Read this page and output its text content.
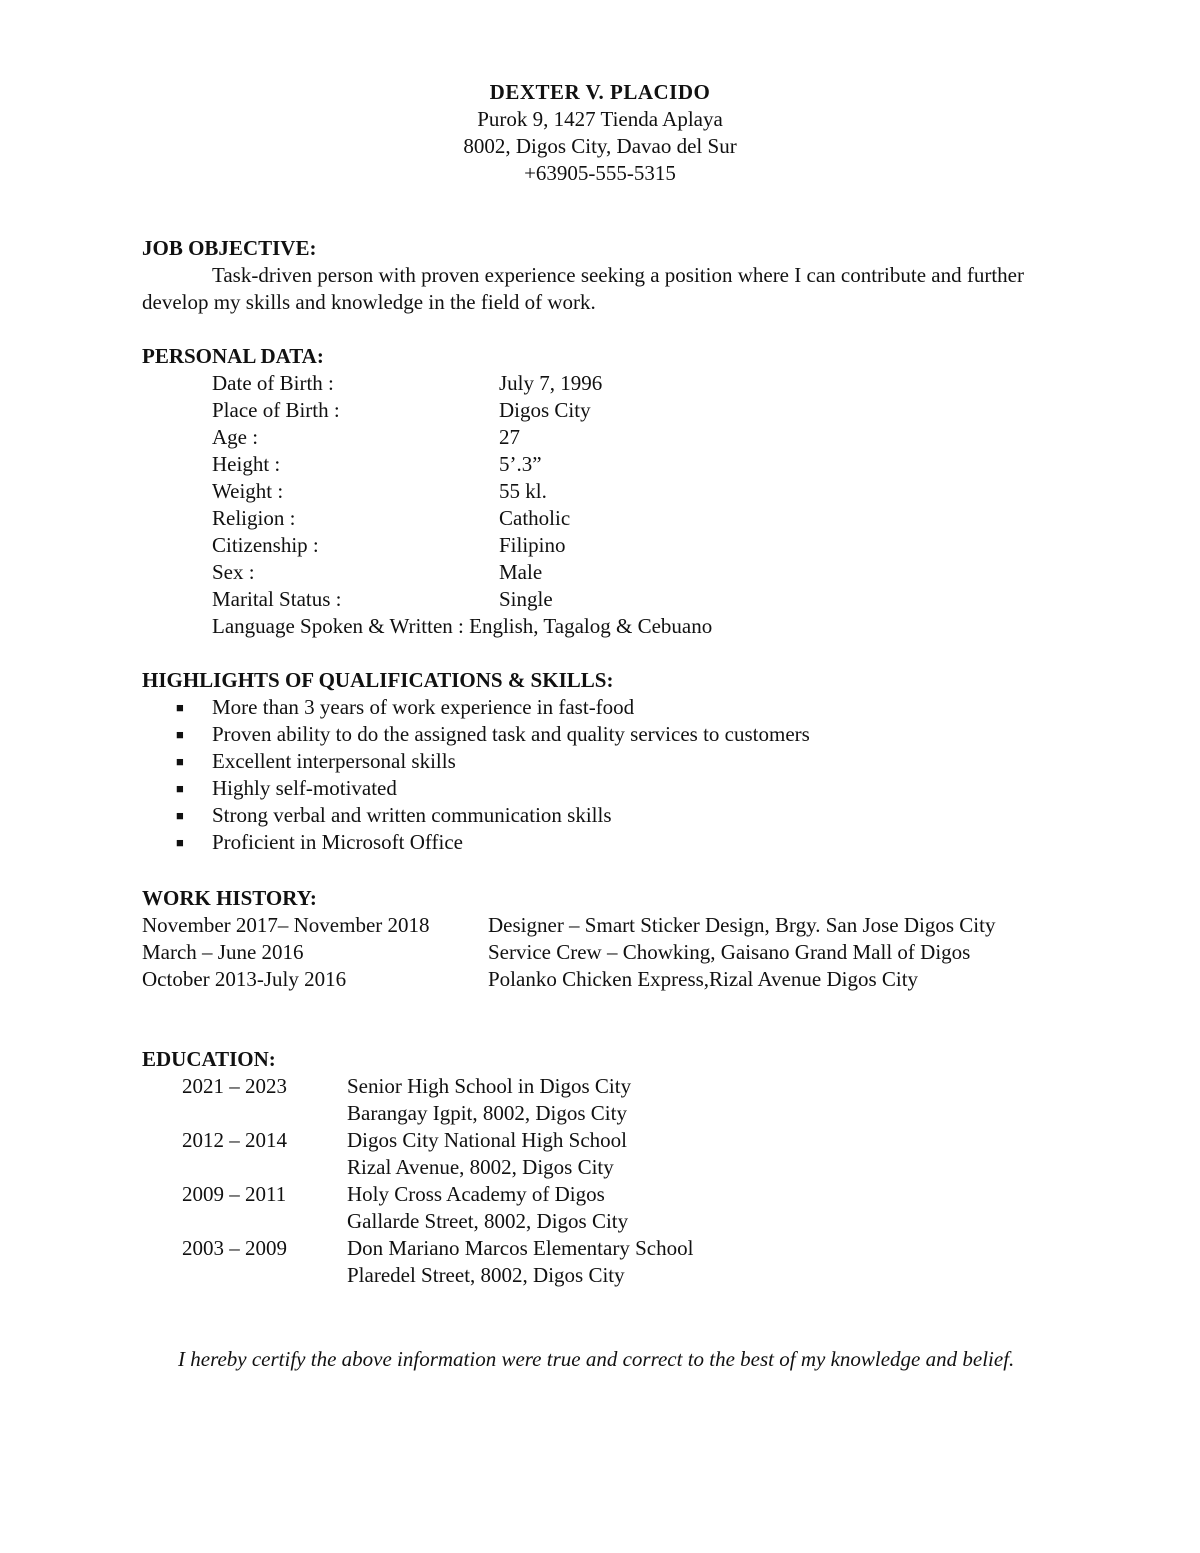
DEXTER V. PLACIDO
Purok 9, 1427 Tienda Aplaya
8002, Digos City, Davao del Sur
+63905-555-5315
JOB OBJECTIVE:
Task-driven person with proven experience seeking a position where I can contribute and further develop my skills and knowledge in the field of work.
PERSONAL DATA:
Date of Birth :	July 7, 1996
Place of Birth :	Digos City
Age :	27
Height :	5’.3”
Weight :	55 kl.
Religion :	Catholic
Citizenship :	Filipino
Sex :	Male
Marital Status :	Single
Language Spoken & Written : English, Tagalog & Cebuano
HIGHLIGHTS OF QUALIFICATIONS & SKILLS:
■ More than 3 years of work experience in fast-food
■ Proven ability to do the assigned task and quality services to customers
■ Excellent interpersonal skills
■ Highly self-motivated
■ Strong verbal and written communication skills
■ Proficient in Microsoft Office
WORK HISTORY:
November 2017– November 2018	Designer – Smart Sticker Design, Brgy. San Jose Digos City
March – June 2016	Service Crew – Chowking, Gaisano Grand Mall of Digos
October 2013-July 2016	Polanko Chicken Express,Rizal Avenue Digos City
EDUCATION:
2021 – 2023	Senior High School in Digos City
Barangay Igpit, 8002, Digos City
2012 – 2014	Digos City National High School
Rizal Avenue, 8002, Digos City
2009 – 2011	Holy Cross Academy of Digos
Gallarde Street, 8002, Digos City
2003 – 2009	Don Mariano Marcos Elementary School
Plaredel Street, 8002, Digos City
I hereby certify the above information were true and correct to the best of my knowledge and belief.
